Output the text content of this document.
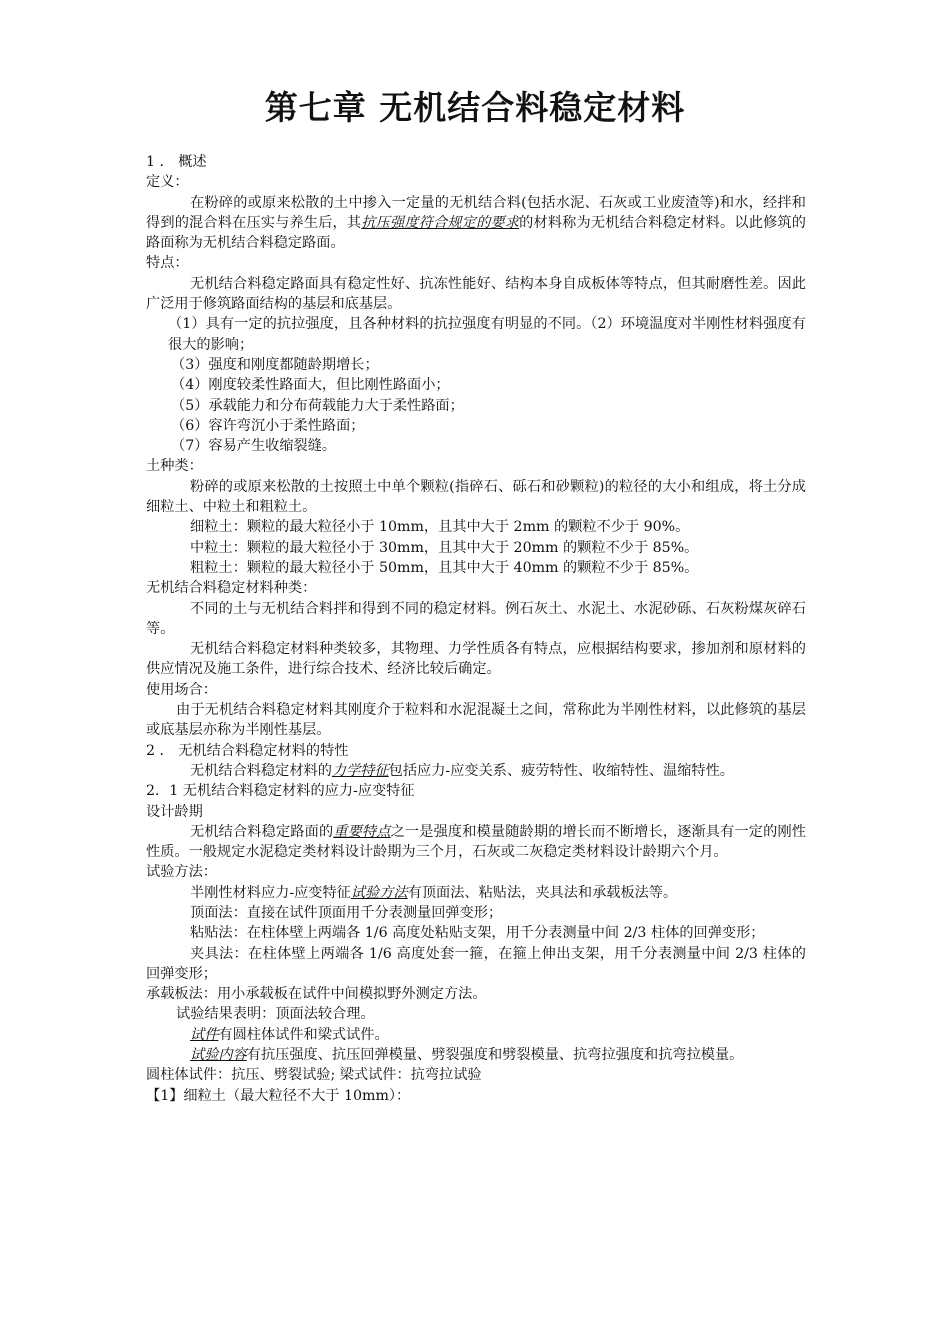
第七章 无机结合料稳定材料

1 ． 概述

定义：

在粉碎的或原来松散的土中掺入一定量的无机结合料(包括水泥、石灰或工业废渣等)和水，经拌和得到的混合料在压实与养生后，其抗压强度符合规定的要求的材料称为无机结合料稳定材料。以此修筑的路面称为无机结合料稳定路面。

特点：

无机结合料稳定路面具有稳定性好、抗冻性能好、结构本身自成板体等特点，但其耐磨性差。因此广泛用于修筑路面结构的基层和底基层。

（1）具有一定的抗拉强度，且各种材料的抗拉强度有明显的不同。（2）环境温度对半刚性材料强度有很大的影响；

（3）强度和刚度都随龄期增长；

（4）刚度较柔性路面大，但比刚性路面小；

（5）承载能力和分布荷载能力大于柔性路面；

（6）容许弯沉小于柔性路面；

（7）容易产生收缩裂缝。

土种类：

粉碎的或原来松散的土按照土中单个颗粒(指碎石、砾石和砂颗粒)的粒径的大小和组成，将土分成细粒土、中粒土和粗粒土。

细粒土：颗粒的最大粒径小于 10mm，且其中大于 2mm 的颗粒不少于 90%。

中粒土：颗粒的最大粒径小于 30mm，且其中大于 20mm 的颗粒不少于 85%。

粗粒土：颗粒的最大粒径小于 50mm，且其中大于 40mm 的颗粒不少于 85%。

无机结合料稳定材料种类：

不同的土与无机结合料拌和得到不同的稳定材料。例石灰土、水泥土、水泥砂砾、石灰粉煤灰碎石等。

无机结合料稳定材料种类较多，其物理、力学性质各有特点，应根据结构要求，掺加剂和原材料的供应情况及施工条件，进行综合技术、经济比较后确定。

使用场合：

由于无机结合料稳定材料其刚度介于粒料和水泥混凝土之间，常称此为半刚性材料，以此修筑的基层或底基层亦称为半刚性基层。

2 ． 无机结合料稳定材料的特性

无机结合料稳定材料的力学特征包括应力-应变关系、疲劳特性、收缩特性、温缩特性。

2．1 无机结合料稳定材料的应力-应变特征

设计龄期

无机结合料稳定路面的重要特点之一是强度和模量随龄期的增长而不断增长，逐渐具有一定的刚性性质。一般规定水泥稳定类材料设计龄期为三个月，石灰或二灰稳定类材料设计龄期六个月。

试验方法：

半刚性材料应力-应变特征试验方法有顶面法、粘贴法，夹具法和承载板法等。

顶面法：直接在试件顶面用千分表测量回弹变形；

粘贴法：在柱体壁上两端各 1/6 高度处粘贴支架，用千分表测量中间 2/3 柱体的回弹变形；

夹具法：在柱体壁上两端各 1/6 高度处套一箍，在箍上伸出支架，用千分表测量中间 2/3 柱体的回弹变形；

承载板法：用小承载板在试件中间模拟野外测定方法。

试验结果表明：顶面法较合理。

试件有圆柱体试件和梁式试件。

试验内容有抗压强度、抗压回弹模量、劈裂强度和劈裂模量、抗弯拉强度和抗弯拉模量。

圆柱体试件：抗压、劈裂试验; 梁式试件：抗弯拉试验

【1】细粒土（最大粒径不大于 10mm）：
